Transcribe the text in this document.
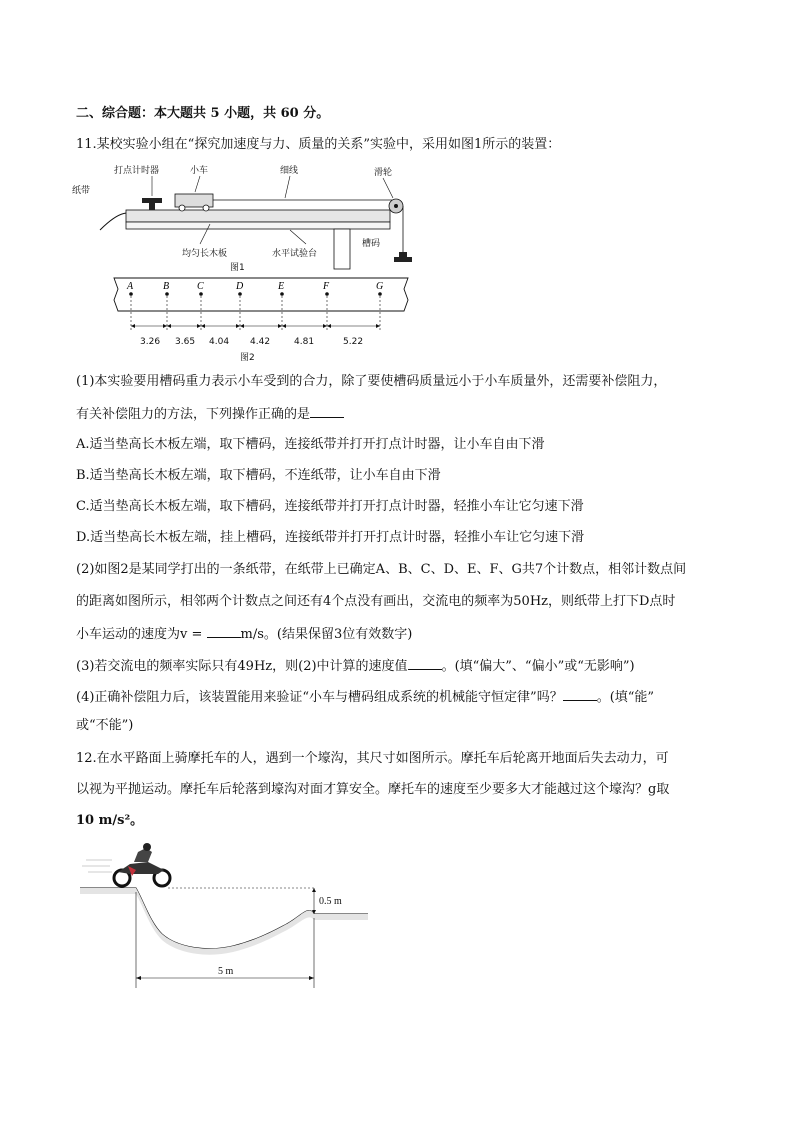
二、综合题：本大题共 5 小题，共 60 分。
11.某校实验小组在“探究加速度与力、质量的关系”实验中，采用如图1所示的装置：
打点计时器	小车	细线	滑轮
纸带
均匀长木板	水平试验台
槽码
图1
A	B	C	D	E	F	G
3.26 3.65 4.04 4.42	4.81	5.22
图2
(1)本实验要用槽码重力表示小车受到的合力，除了要使槽码质量远小于小车质量外，还需要补偿阻力，
有关补偿阻力的方法，下列操作正确的是
A.适当垫高长木板左端，取下槽码，连接纸带并打开打点计时器，让小车自由下滑
B.适当垫高长木板左端，取下槽码，不连纸带，让小车自由下滑
C.适当垫高长木板左端，取下槽码，连接纸带并打开打点计时器，轻推小车让它匀速下滑
D.适当垫高长木板左端，挂上槽码，连接纸带并打开打点计时器，轻推小车让它匀速下滑
(2)如图2是某同学打出的一条纸带，在纸带上已确定A、B、C、D、E、F、G共7个计数点，相邻计数点间
的距离如图所示，相邻两个计数点之间还有4个点没有画出，交流电的频率为50Hz，则纸带上打下D点时
小车运动的速度为v =	m/s。(结果保留3位有效数字)
(3)若交流电的频率实际只有49Hz，则(2)中计算的速度值	。(填“偏大”、“偏小”或“无影响”)
(4)正确补偿阻力后，该装置能用来验证“小车与槽码组成系统的机械能守恒定律”吗？	。(填“能”
或“不能”)
12.在水平路面上骑摩托车的人，遇到一个壕沟，其尺寸如图所示。摩托车后轮离开地面后失去动力，可
以视为平抛运动。摩托车后轮落到壕沟对面才算安全。摩托车的速度至少要多大才能越过这个壕沟？g取
10 m/s²。
0.5 m
5 m
